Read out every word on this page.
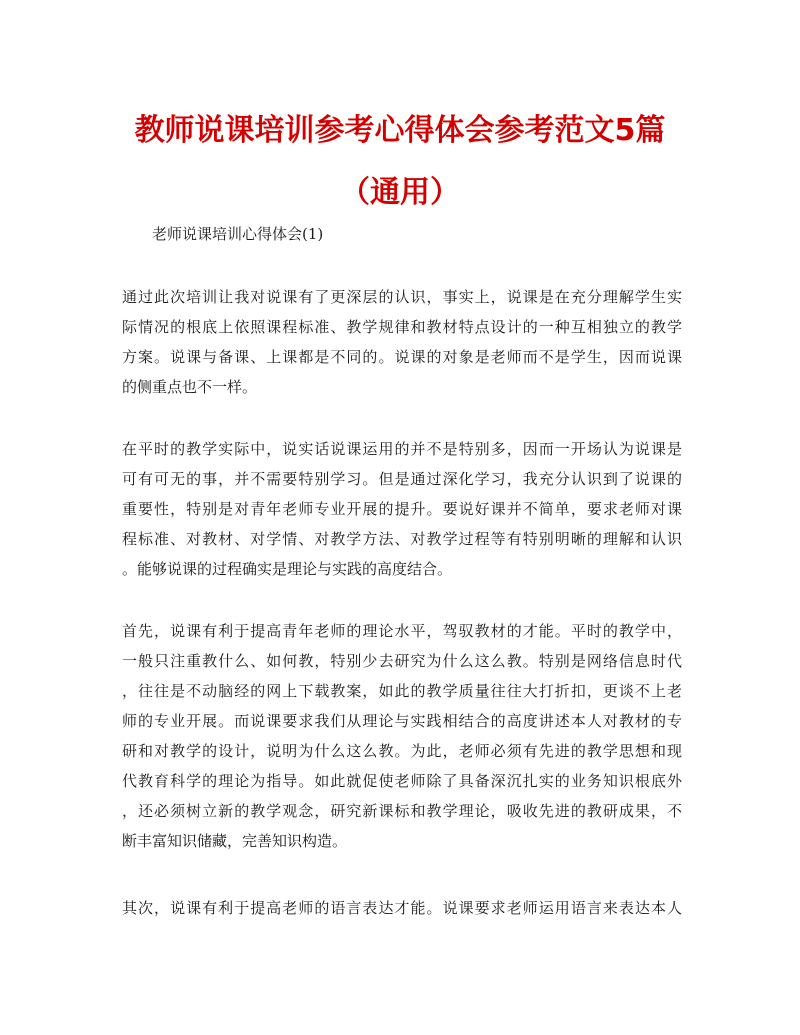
教师说课培训参考心得体会参考范文5篇
（通用）

老师说课培训心得体会(1)

通过此次培训让我对说课有了更深层的认识，事实上，说课是在充分理解学生实
际情况的根底上依照课程标准、教学规律和教材特点设计的一种互相独立的教学
方案。说课与备课、上课都是不同的。说课的对象是老师而不是学生，因而说课
的侧重点也不一样。
在平时的教学实际中，说实话说课运用的并不是特别多，因而一开场认为说课是
可有可无的事，并不需要特别学习。但是通过深化学习，我充分认识到了说课的
重要性，特别是对青年老师专业开展的提升。要说好课并不简单，要求老师对课
程标准、对教材、对学情、对教学方法、对教学过程等有特别明晰的理解和认识
。能够说课的过程确实是理论与实践的高度结合。
首先，说课有利于提高青年老师的理论水平，驾驭教材的才能。平时的教学中，
一般只注重教什么、如何教，特别少去研究为什么这么教。特别是网络信息时代
，往往是不动脑经的网上下载教案，如此的教学质量往往大打折扣，更谈不上老
师的专业开展。而说课要求我们从理论与实践相结合的高度讲述本人对教材的专
研和对教学的设计，说明为什么这么教。为此，老师必须有先进的教学思想和现
代教育科学的理论为指导。如此就促使老师除了具备深沉扎实的业务知识根底外
，还必须树立新的教学观念，研究新课标和教学理论，吸收先进的教研成果，不
断丰富知识储藏，完善知识构造。
其次，说课有利于提高老师的语言表达才能。说课要求老师运用语言来表达本人
